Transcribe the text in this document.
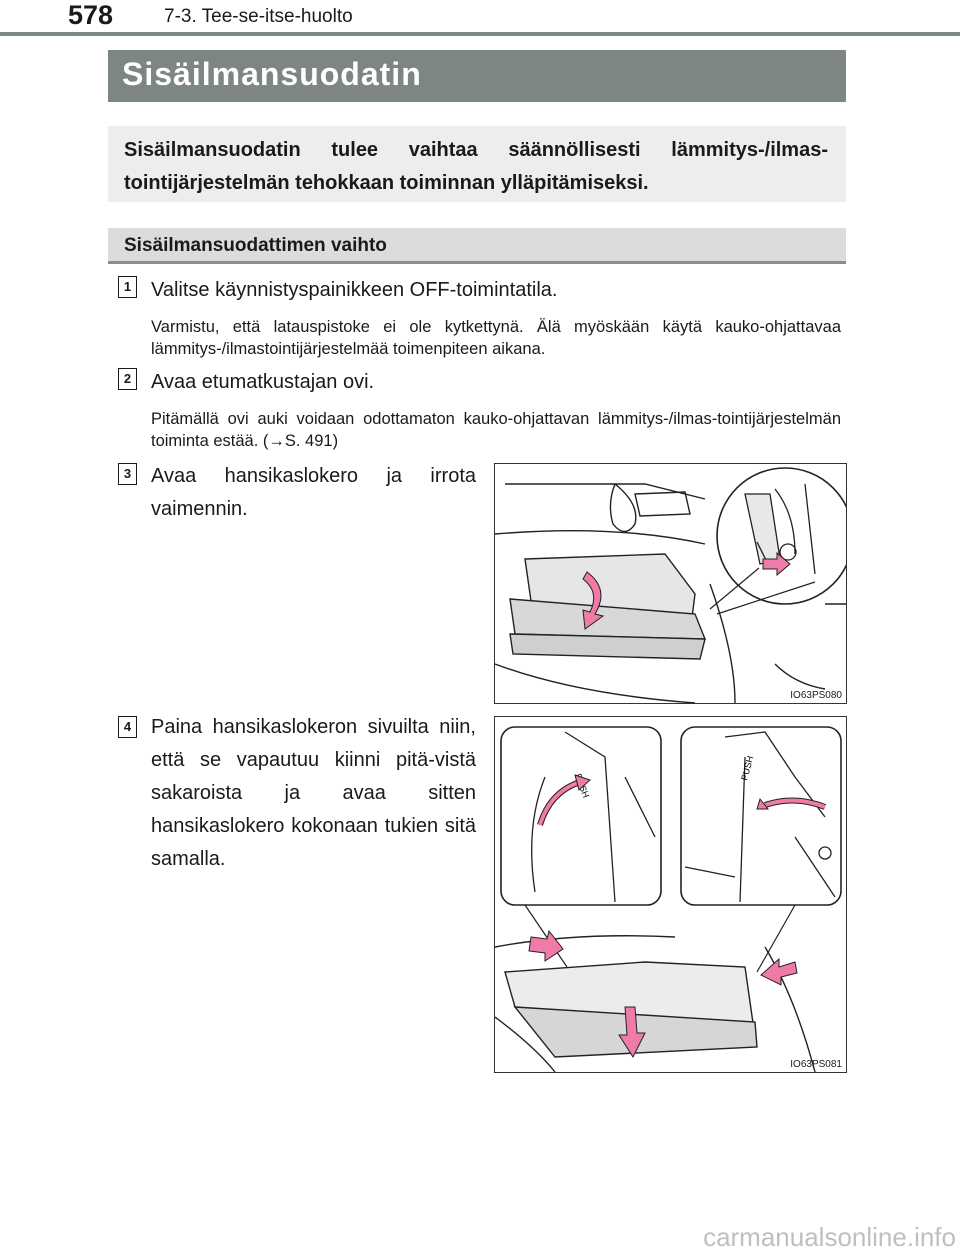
578	7-3. Tee-se-itse-huolto
Sisäilmansuodatin
Sisäilmansuodatin tulee vaihtaa säännöllisesti lämmitys-/ilmas-tointijärjestelmän tehokkaan toiminnan ylläpitämiseksi.
Sisäilmansuodattimen vaihto
1 Valitse käynnistyspainikkeen OFF-toimintatila.
Varmistu, että latauspistoke ei ole kytkettynä. Älä myöskään käytä kauko-ohjattavaa lämmitys-/ilmastointijärjestelmää toimenpiteen aikana.
2 Avaa etumatkustajan ovi.
Pitämällä ovi auki voidaan odottamaton kauko-ohjattavan lämmitys-/ilmas-tointijärjestelmän toiminta estää. (→S. 491)
3 Avaa hansikaslokero ja irrota vaimennin.
IO63PS080
4 Paina hansikaslokeron sivuilta niin, että se vapautuu kiinni pitä-vistä sakaroista ja avaa sitten hansikaslokero kokonaan tukien sitä samalla.
PUSH
IO63PS081
carmanualsonline.info
